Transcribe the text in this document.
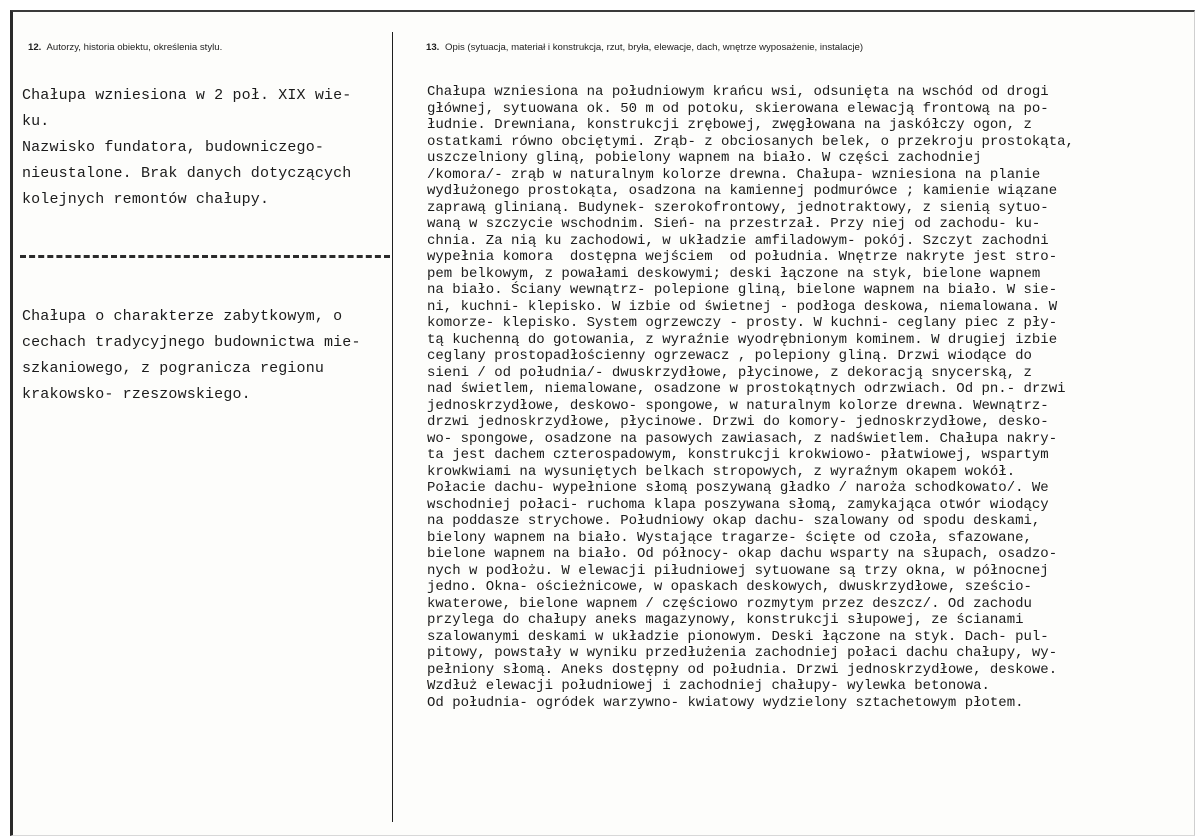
12. Autorzy, historia obiektu, określenia stylu.	13. Opis (sytuacja, materiał i konstrukcja, rzut, bryła, elewacje, dach, wnętrze wyposażenie, instalacje)
Chałupa wzniesiona w 2 poł. XIX wie-
ku.
Nazwisko fundatora, budowniczego-
nieustalone. Brak danych dotyczących
kolejnych remontów chałupy.
Chałupa o charakterze zabytkowym, o
cechach tradycyjnego budownictwa mie-
szkaniowego, z pogranicza regionu
krakowsko- rzeszowskiego.
Chałupa wzniesiona na południowym krańcu wsi, odsunięta na wschód od drogi
głównej, sytuowana ok. 50 m od potoku, skierowana elewacją frontową na po-
łudnie. Drewniana, konstrukcji zrębowej, zwęgłowana na jaskółczy ogon, z
ostatkami równo obciętymi. Zrąb- z obciosanych belek, o przekroju prostokąta,
uszczelniony gliną, pobielony wapnem na biało. W części zachodniej
/komora/- zrąb w naturalnym kolorze drewna. Chałupa- wzniesiona na planie
wydłużonego prostokąta, osadzona na kamiennej podmurówce ; kamienie wiązane
zaprawą glinianą. Budynek- szerokofrontowy, jednotraktowy, z sienią sytuo-
waną w szczycie wschodnim. Sień- na przestrzał. Przy niej od zachodu- ku-
chnia. Za nią ku zachodowi, w układzie amfiladowym- pokój. Szczyt zachodni
wypełnia komora  dostępna wejściem  od południa. Wnętrze nakryte jest stro-
pem belkowym, z powałami deskowymi; deski łączone na styk, bielone wapnem
na biało. Ściany wewnątrz- polepione gliną, bielone wapnem na biało. W sie-
ni, kuchni- klepisko. W izbie od świetnej - podłoga deskowa, niemalowana. W
komorze- klepisko. System ogrzewczy - prosty. W kuchni- ceglany piec z pły-
tą kuchenną do gotowania, z wyraźnie wyodrębnionym kominem. W drugiej izbie
ceglany prostopadłościenny ogrzewacz , polepiony gliną. Drzwi wiodące do
sieni / od południa/- dwuskrzydłowe, płycinowe, z dekoracją snycerską, z
nad świetlem, niemalowane, osadzone w prostokątnych odrzwiach. Od pn.- drzwi
jednoskrzydłowe, deskowo- spongowe, w naturalnym kolorze drewna. Wewnątrz-
drzwi jednoskrzydłowe, płycinowe. Drzwi do komory- jednoskrzydłowe, desko-
wo- spongowe, osadzone na pasowych zawiasach, z nadświetlem. Chałupa nakry-
ta jest dachem czterospadowym, konstrukcji krokwiowo- płatwiowej, wspartym
krowkwiami na wysuniętych belkach stropowych, z wyraźnym okapem wokół.
Połacie dachu- wypełnione słomą poszywaną gładko / naroża schodkowato/. We
wschodniej połaci- ruchoma klapa poszywana słomą, zamykająca otwór wiodący
na poddasze strychowe. Południowy okap dachu- szalowany od spodu deskami,
bielony wapnem na biało. Wystające tragarze- ścięte od czoła, sfazowane,
bielone wapnem na biało. Od północy- okap dachu wsparty na słupach, osadzo-
nych w podłożu. W elewacji piłudniowej sytuowane są trzy okna, w północnej
jedno. Okna- ościeżnicowe, w opaskach deskowych, dwuskrzydłowe, sześcio-
kwaterowe, bielone wapnem / częściowo rozmytym przez deszcz/. Od zachodu
przylega do chałupy aneks magazynowy, konstrukcji słupowej, ze ścianami
szalowanymi deskami w układzie pionowym. Deski łączone na styk. Dach- pul-
pitowy, powstały w wyniku przedłużenia zachodniej połaci dachu chałupy, wy-
pełniony słomą. Aneks dostępny od południa. Drzwi jednoskrzydłowe, deskowe.
Wzdłuż elewacji południowej i zachodniej chałupy- wylewka betonowa.
Od południa- ogródek warzywno- kwiatowy wydzielony sztachetowym płotem.
